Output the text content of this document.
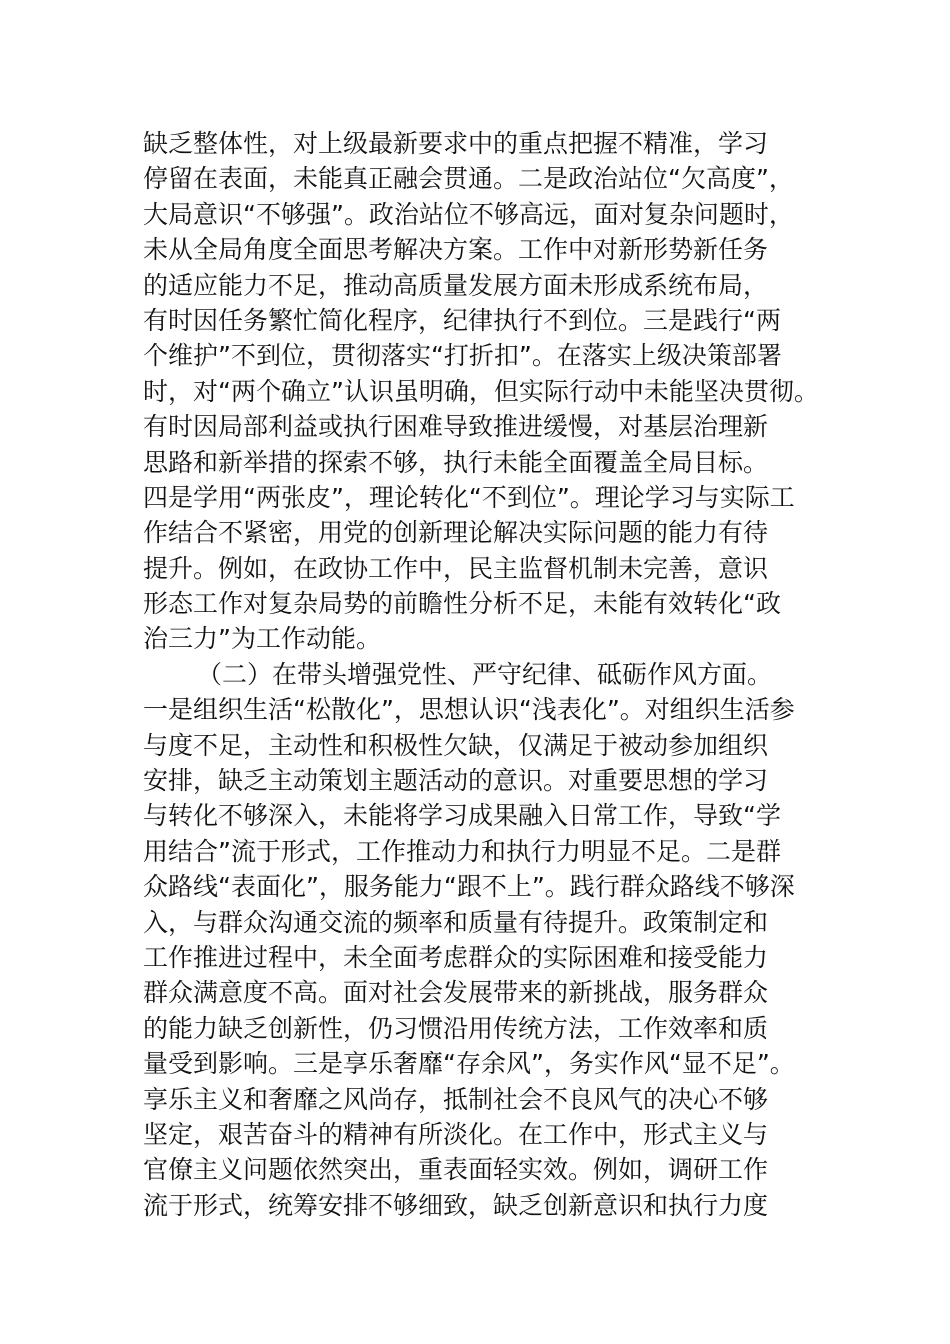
缺乏整体性，对上级最新要求中的重点把握不精准，学习
停留在表面，未能真正融会贯通。二是政治站位“欠高度”，
大局意识“不够强”。政治站位不够高远，面对复杂问题时，
未从全局角度全面思考解决方案。工作中对新形势新任务
的适应能力不足，推动高质量发展方面未形成系统布局，
有时因任务繁忙简化程序，纪律执行不到位。三是践行“两
个维护”不到位，贯彻落实“打折扣”。在落实上级决策部署
时，对“两个确立”认识虽明确，但实际行动中未能坚决贯彻。
有时因局部利益或执行困难导致推进缓慢，对基层治理新
思路和新举措的探索不够，执行未能全面覆盖全局目标。
四是学用“两张皮”，理论转化“不到位”。理论学习与实际工
作结合不紧密，用党的创新理论解决实际问题的能力有待
提升。例如，在政协工作中，民主监督机制未完善，意识
形态工作对复杂局势的前瞻性分析不足，未能有效转化“政
治三力”为工作动能。
（二）在带头增强党性、严守纪律、砥砺作风方面。
一是组织生活“松散化”，思想认识“浅表化”。对组织生活参
与度不足，主动性和积极性欠缺，仅满足于被动参加组织
安排，缺乏主动策划主题活动的意识。对重要思想的学习
与转化不够深入，未能将学习成果融入日常工作，导致“学
用结合”流于形式，工作推动力和执行力明显不足。二是群
众路线“表面化”，服务能力“跟不上”。践行群众路线不够深
入，与群众沟通交流的频率和质量有待提升。政策制定和
工作推进过程中，未全面考虑群众的实际困难和接受能力
群众满意度不高。面对社会发展带来的新挑战，服务群众
的能力缺乏创新性，仍习惯沿用传统方法，工作效率和质
量受到影响。三是享乐奢靡“存余风”，务实作风“显不足”。
享乐主义和奢靡之风尚存，抵制社会不良风气的决心不够
坚定，艰苦奋斗的精神有所淡化。在工作中，形式主义与
官僚主义问题依然突出，重表面轻实效。例如，调研工作
流于形式，统筹安排不够细致，缺乏创新意识和执行力度
